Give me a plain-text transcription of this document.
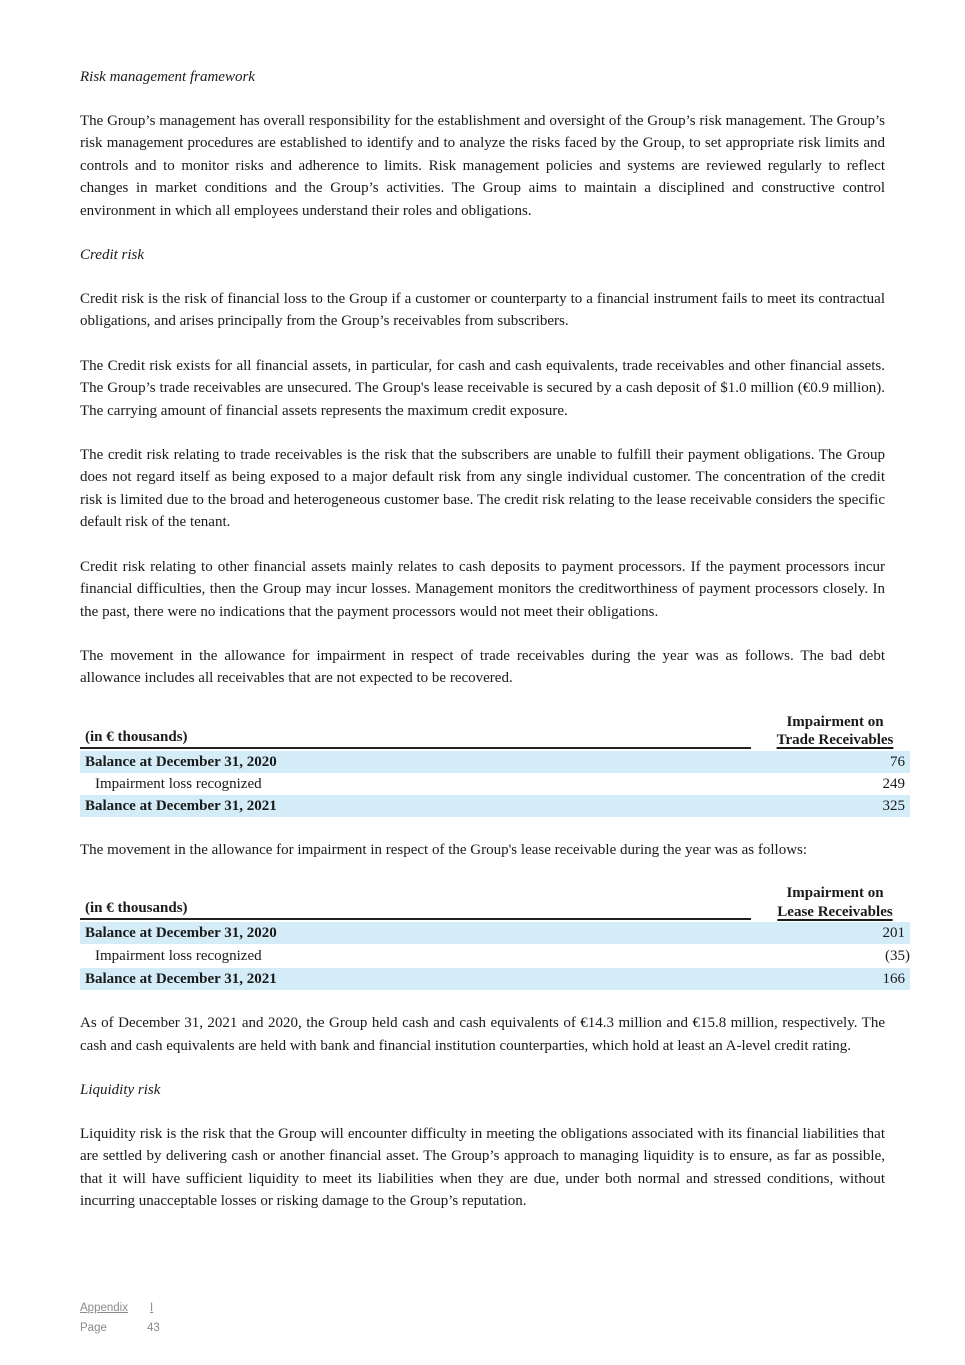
Risk management framework
The Group’s management has overall responsibility for the establishment and oversight of the Group’s risk management. The Group’s risk management procedures are established to identify and to analyze the risks faced by the Group, to set appropriate risk limits and controls and to monitor risks and adherence to limits. Risk management policies and systems are reviewed regularly to reflect changes in market conditions and the Group’s activities. The Group aims to maintain a disciplined and constructive control environment in which all employees understand their roles and obligations.
Credit risk
Credit risk is the risk of financial loss to the Group if a customer or counterparty to a financial instrument fails to meet its contractual obligations, and arises principally from the Group’s receivables from subscribers.
The Credit risk exists for all financial assets, in particular, for cash and cash equivalents, trade receivables and other financial assets. The Group’s trade receivables are unsecured. The Group's lease receivable is secured by a cash deposit of $1.0 million (€0.9 million). The carrying amount of financial assets represents the maximum credit exposure.
The credit risk relating to trade receivables is the risk that the subscribers are unable to fulfill their payment obligations. The Group does not regard itself as being exposed to a major default risk from any single individual customer. The concentration of the credit risk is limited due to the broad and heterogeneous customer base. The credit risk relating to the lease receivable considers the specific default risk of the tenant.
Credit risk relating to other financial assets mainly relates to cash deposits to payment processors. If the payment processors incur financial difficulties, then the Group may incur losses. Management monitors the creditworthiness of payment processors closely. In the past, there were no indications that the payment processors would not meet their obligations.
The movement in the allowance for impairment in respect of trade receivables during the year was as follows. The bad debt allowance includes all receivables that are not expected to be recovered.
(in € thousands)
Impairment on
Trade Receivables
Balance at December 31, 2020	76
Impairment loss recognized	249
Balance at December 31, 2021	325
The movement in the allowance for impairment in respect of the Group's lease receivable during the year was as follows:
(in € thousands)
Impairment on
Lease Receivables
Balance at December 31, 2020	201
Impairment loss recognized	(35)
Balance at December 31, 2021	166
As of December 31, 2021 and 2020, the Group held cash and cash equivalents of €14.3 million and €15.8 million, respectively. The cash and cash equivalents are held with bank and financial institution counterparties, which hold at least an A-level credit rating.
Liquidity risk
Liquidity risk is the risk that the Group will encounter difficulty in meeting the obligations associated with its financial liabilities that are settled by delivering cash or another financial asset. The Group’s approach to managing liquidity is to ensure, as far as possible, that it will have sufficient liquidity to meet its liabilities when they are due, under both normal and stressed conditions, without incurring unacceptable losses or risking damage to the Group’s reputation.
Appendix I
Page	43
